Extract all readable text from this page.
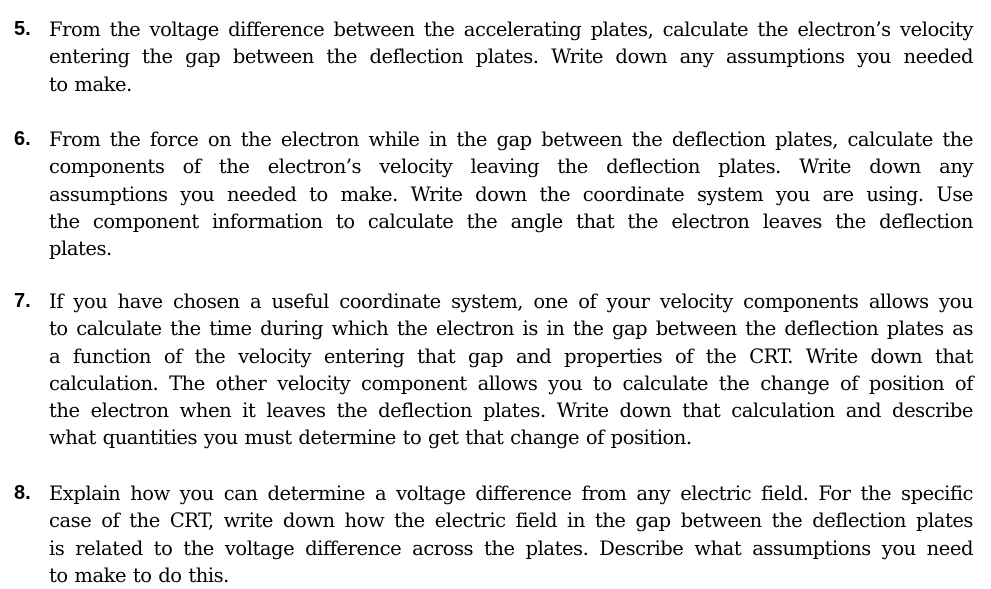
5. From the voltage difference between the accelerating plates, calculate the electron’s velocity
entering the gap between the deflection plates. Write down any assumptions you needed
to make.
6. From the force on the electron while in the gap between the deflection plates, calculate the
components of the electron’s velocity leaving the deflection plates. Write down any
assumptions you needed to make. Write down the coordinate system you are using. Use
the component information to calculate the angle that the electron leaves the deflection
plates.
7. If you have chosen a useful coordinate system, one of your velocity components allows you
to calculate the time during which the electron is in the gap between the deflection plates as
a function of the velocity entering that gap and properties of the CRT. Write down that
calculation. The other velocity component allows you to calculate the change of position of
the electron when it leaves the deflection plates. Write down that calculation and describe
what quantities you must determine to get that change of position.
8. Explain how you can determine a voltage difference from any electric field. For the specific
case of the CRT, write down how the electric field in the gap between the deflection plates
is related to the voltage difference across the plates. Describe what assumptions you need
to make to do this.
